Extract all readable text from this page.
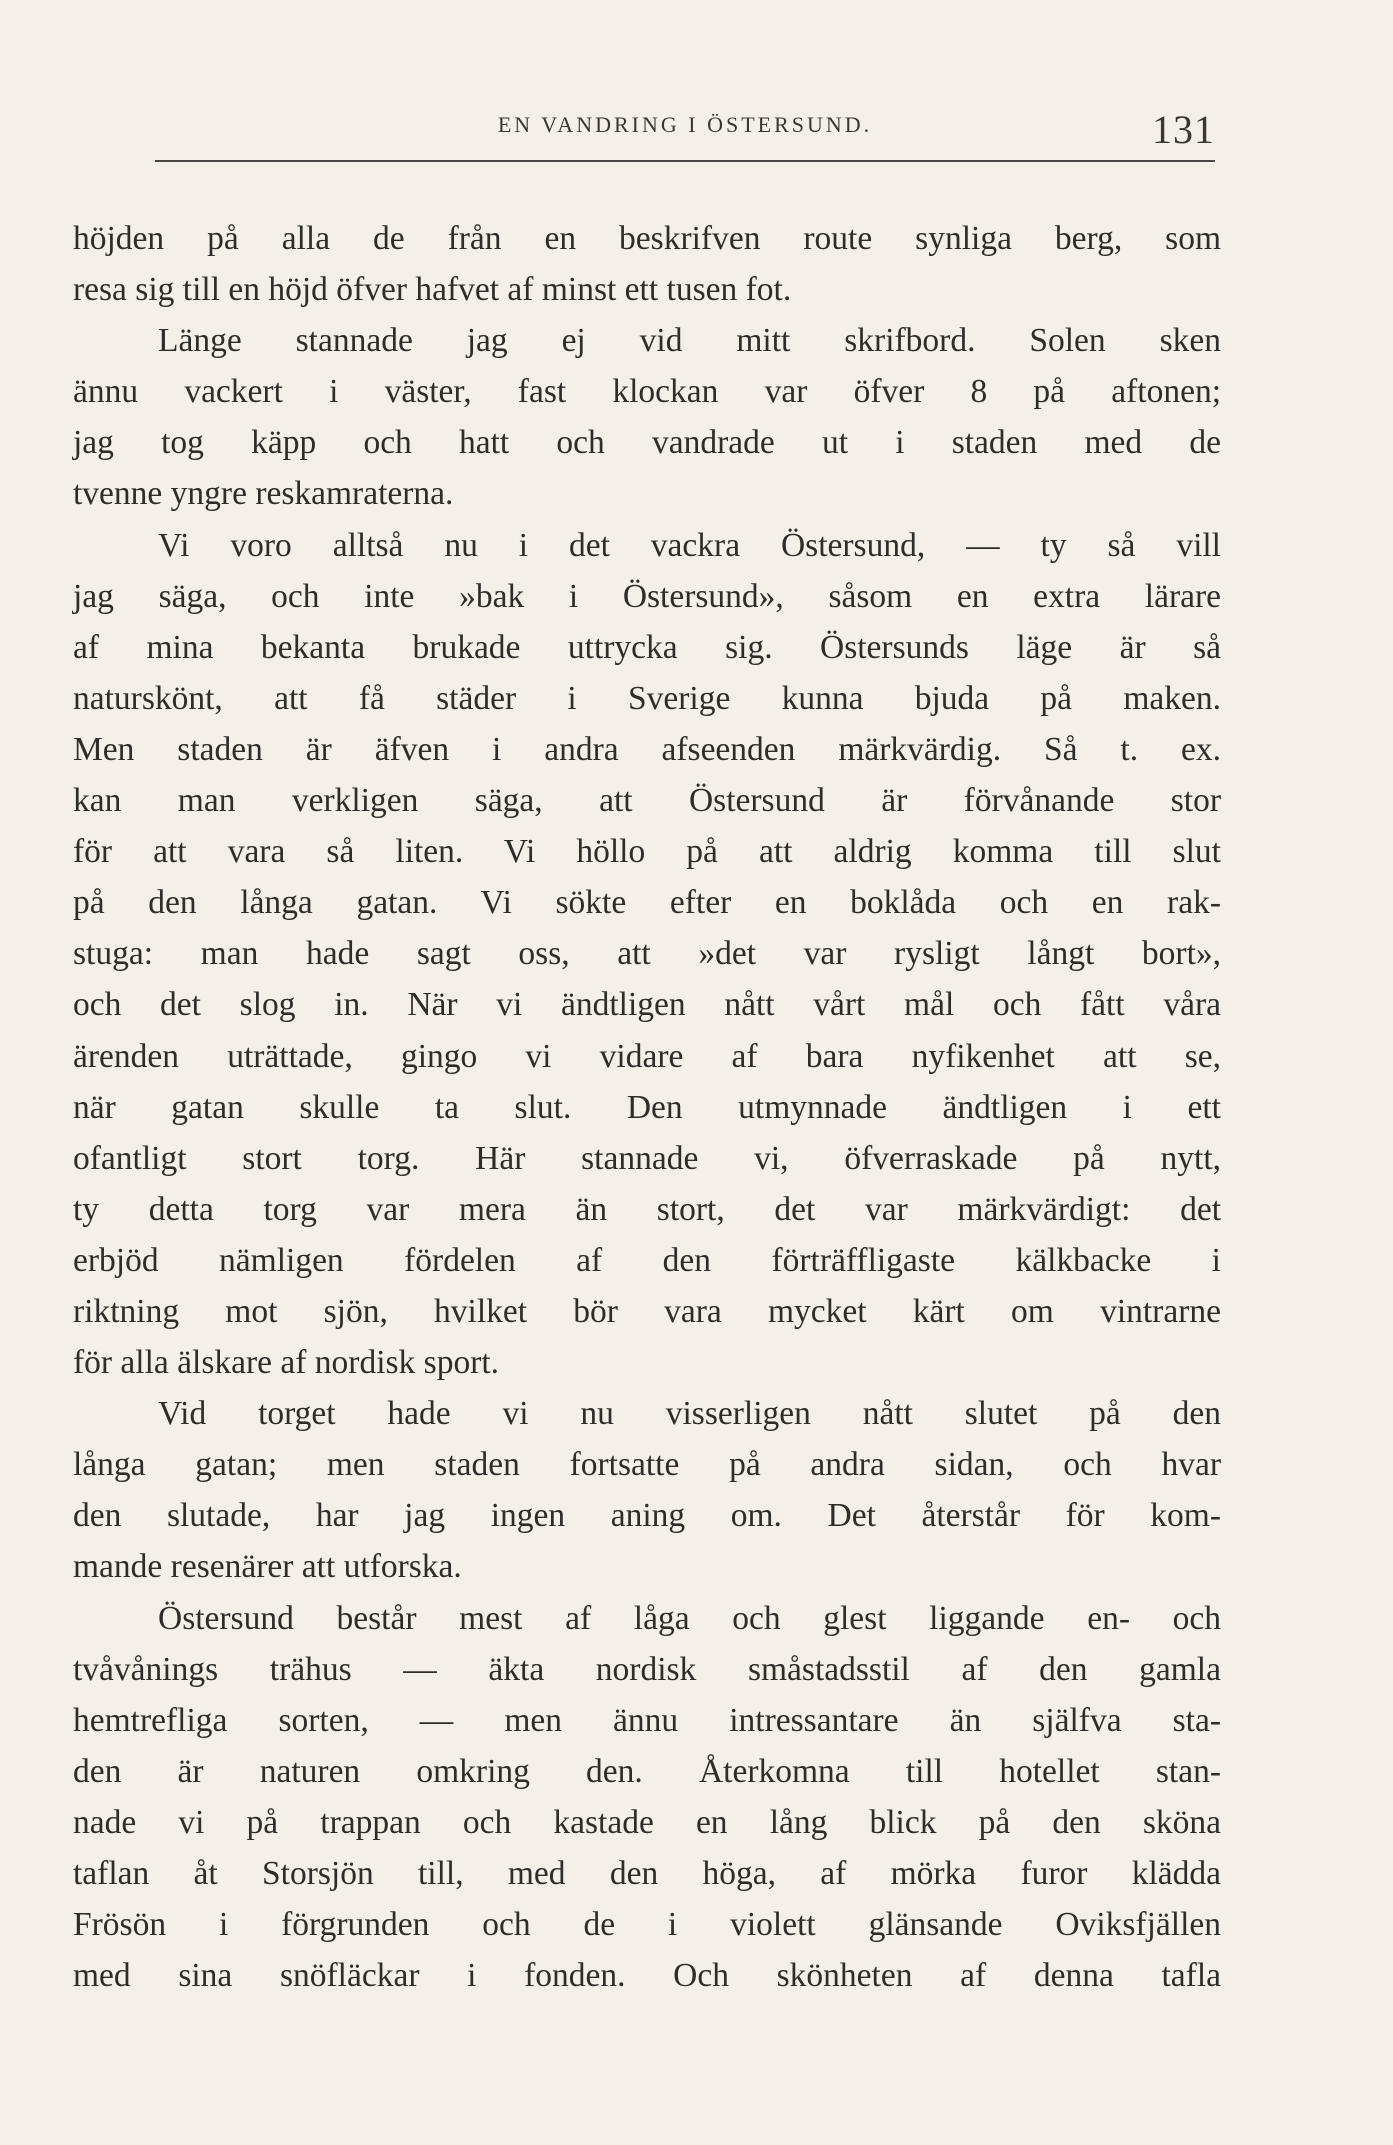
EN VANDRING I ÖSTERSUND.	131
höjden på alla de från en beskrifven route synliga berg, som
resa sig till en höjd öfver hafvet af minst ett tusen fot.
Länge stannade jag ej vid mitt skrifbord. Solen sken
ännu vackert i väster, fast klockan var öfver 8 på aftonen;
jag tog käpp och hatt och vandrade ut i staden med de
tvenne yngre reskamraterna.
Vi voro alltså nu i det vackra Östersund, — ty så vill
jag säga, och inte »bak i Östersund», såsom en extra lärare
af mina bekanta brukade uttrycka sig. Östersunds läge är så
naturskönt, att få städer i Sverige kunna bjuda på maken.
Men staden är äfven i andra afseenden märkvärdig. Så t. ex.
kan man verkligen säga, att Östersund är förvånande stor
för att vara så liten. Vi höllo på att aldrig komma till slut
på den långa gatan. Vi sökte efter en boklåda och en rak-
stuga: man hade sagt oss, att »det var rysligt långt bort»,
och det slog in. När vi ändtligen nått vårt mål och fått våra
ärenden uträttade, gingo vi vidare af bara nyfikenhet att se,
när gatan skulle ta slut. Den utmynnade ändtligen i ett
ofantligt stort torg. Här stannade vi, öfverraskade på nytt,
ty detta torg var mera än stort, det var märkvärdigt: det
erbjöd nämligen fördelen af den förträffligaste kälkbacke i
riktning mot sjön, hvilket bör vara mycket kärt om vintrarne
för alla älskare af nordisk sport.
Vid torget hade vi nu visserligen nått slutet på den
långa gatan; men staden fortsatte på andra sidan, och hvar
den slutade, har jag ingen aning om. Det återstår för kom-
mande resenärer att utforska.
Östersund består mest af låga och glest liggande en- och
tvåvånings trähus — äkta nordisk småstadsstil af den gamla
hemtrefliga sorten, — men ännu intressantare än själfva sta-
den är naturen omkring den. Återkomna till hotellet stan-
nade vi på trappan och kastade en lång blick på den sköna
taflan åt Storsjön till, med den höga, af mörka furor klädda
Frösön i förgrunden och de i violett glänsande Oviksfjällen
med sina snöfläckar i fonden. Och skönheten af denna tafla
